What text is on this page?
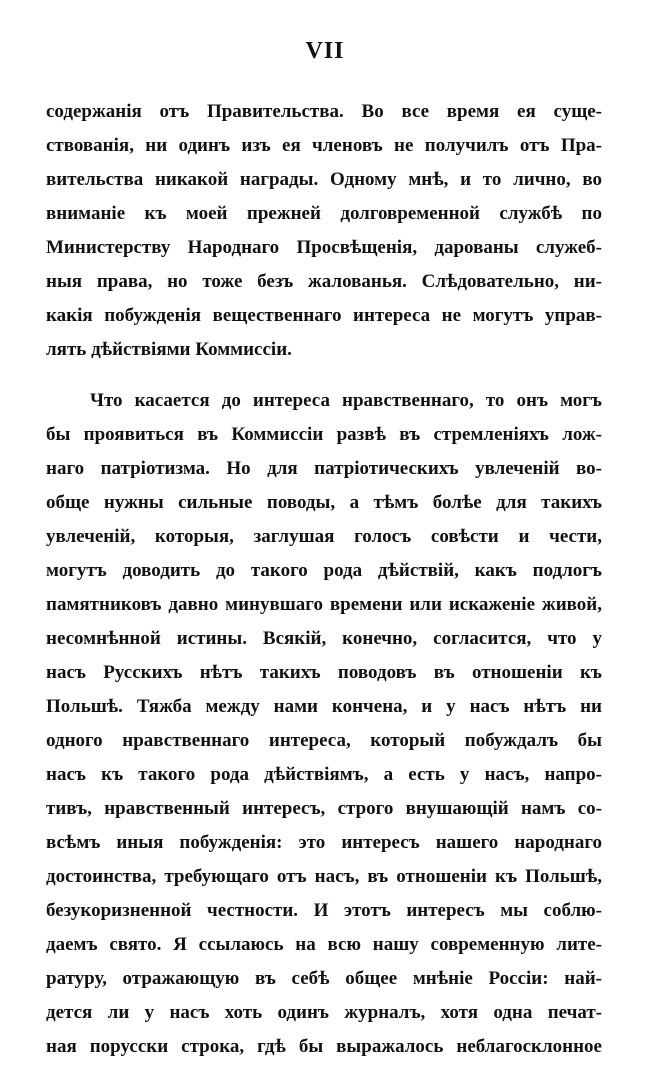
VII
содержанія отъ Правительства. Во все время ея суще-
ствованія, ни одинъ изъ ея членовъ не получилъ отъ Пра-
вительства никакой награды. Одному мнѣ, и то лично, во
вниманіе къ моей прежней долговременной службѣ по
Министерству Народнаго Просвѣщенія, дарованы служеб-
ныя права, но тоже безъ жалованья. Слѣдовательно, ни-
какія побужденія вещественнаго интереса не могутъ управ-
лять дѣйствіями Коммиссіи.
Что касается до интереса нравственнаго, то онъ могъ
бы проявиться въ Коммиссіи развѣ въ стремленіяхъ лож-
наго патріотизма. Но для патріотическихъ увлеченій во-
обще нужны сильные поводы, а тѣмъ болѣе для такихъ
увлеченій, которыя, заглушая голосъ совѣсти и чести,
могутъ доводить до такого рода дѣйствій, какъ подлогъ
памятниковъ давно минувшаго времени или искаженіе живой,
несомнѣнной истины. Всякій, конечно, согласится, что у
насъ Русскихъ нѣтъ такихъ поводовъ въ отношеніи къ
Польшѣ. Тяжба между нами кончена, и у насъ нѣтъ ни
одного нравственнаго интереса, который побуждалъ бы
насъ къ такого рода дѣйствіямъ, а есть у насъ, напро-
тивъ, нравственный интересъ, строго внушающій намъ со-
всѣмъ иныя побужденія: это интересъ нашего народнаго
достоинства, требующаго отъ насъ, въ отношеніи къ Польшѣ,
безукоризненной честности. И этотъ интересъ мы соблю-
даемъ свято. Я ссылаюсь на всю нашу современную лите-
ратуру, отражающую въ себѣ общее мнѣніе Россіи: най-
дется ли у насъ хоть одинъ журналъ, хотя одна печат-
ная порусски строка, гдѣ бы выражалось неблагосклонное
